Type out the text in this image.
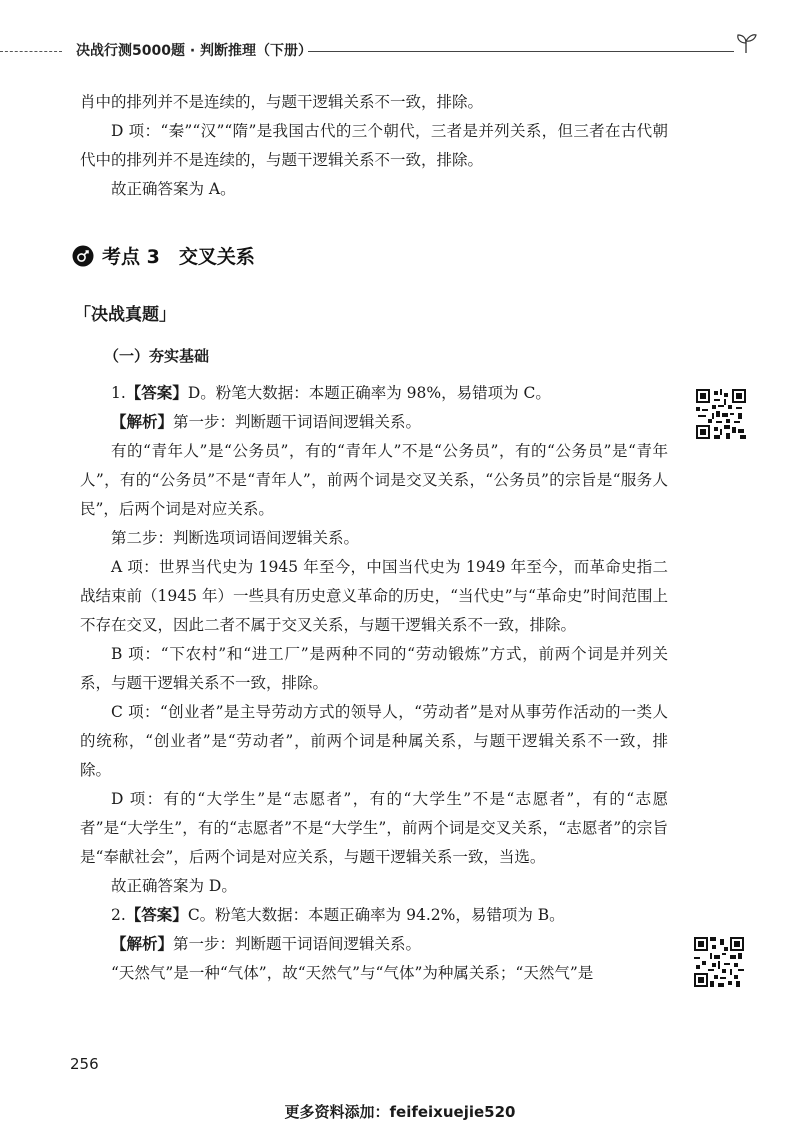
决战行测5000题 · 判断推理（下册）

肖中的排列并不是连续的，与题干逻辑关系不一致，排除。

D 项：“秦”“汉”“隋”是我国古代的三个朝代，三者是并列关系，但三者在古代朝代中的排列并不是连续的，与题干逻辑关系不一致，排除。

故正确答案为 A。

考点 3　交叉关系
「决战真题」
（一）夯实基础

1.【答案】D。粉笔大数据：本题正确率为 98%，易错项为 C。

【解析】第一步：判断题干词语间逻辑关系。

有的“青年人”是“公务员”，有的“青年人”不是“公务员”，有的“公务员”是“青年人”，有的“公务员”不是“青年人”，前两个词是交叉关系，“公务员”的宗旨是“服务人民”，后两个词是对应关系。

第二步：判断选项词语间逻辑关系。

A 项：世界当代史为 1945 年至今，中国当代史为 1949 年至今，而革命史指二战结束前（1945 年）一些具有历史意义革命的历史，“当代史”与“革命史”时间范围上不存在交叉，因此二者不属于交叉关系，与题干逻辑关系不一致，排除。

B 项：“下农村”和“进工厂”是两种不同的“劳动锻炼”方式，前两个词是并列关系，与题干逻辑关系不一致，排除。

C 项：“创业者”是主导劳动方式的领导人，“劳动者”是对从事劳作活动的一类人的统称，“创业者”是“劳动者”，前两个词是种属关系，与题干逻辑关系不一致，排除。

D 项：有的“大学生”是“志愿者”，有的“大学生”不是“志愿者”，有的“志愿者”是“大学生”，有的“志愿者”不是“大学生”，前两个词是交叉关系，“志愿者”的宗旨是“奉献社会”，后两个词是对应关系，与题干逻辑关系一致，当选。

故正确答案为 D。

2.【答案】C。粉笔大数据：本题正确率为 94.2%，易错项为 B。

【解析】第一步：判断题干词语间逻辑关系。

“天然气”是一种“气体”，故“天然气”与“气体”为种属关系；“天然气”是

256
更多资料添加：feifeixuejie520
